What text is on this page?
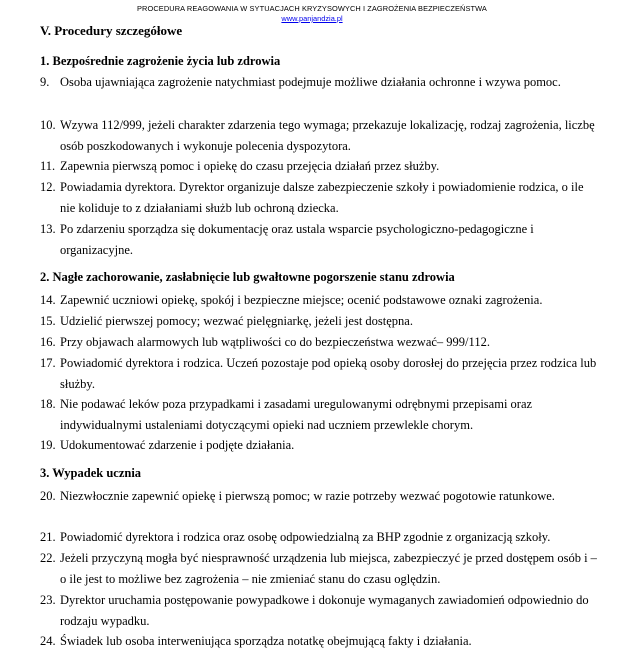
PROCEDURA REAGOWANIA W SYTUACJACH KRYZYSOWYCH I ZAGROŻENIA BEZPIECZEŃSTWA
www.panjandzia.pl
V. Procedury szczegółowe
1. Bezpośrednie zagrożenie życia lub zdrowia
9. Osoba ujawniająca zagrożenie natychmiast podejmuje możliwe działania ochronne i wzywa pomoc.
10. Wzywa 112/999, jeżeli charakter zdarzenia tego wymaga; przekazuje lokalizację, rodzaj zagrożenia, liczbę osób poszkodowanych i wykonuje polecenia dyspozytora.
11. Zapewnia pierwszą pomoc i opiekę do czasu przejęcia działań przez służby.
12. Powiadamia dyrektora. Dyrektor organizuje dalsze zabezpieczenie szkoły i powiadomienie rodzica, o ile nie koliduje to z działaniami służb lub ochroną dziecka.
13. Po zdarzeniu sporządza się dokumentację oraz ustala wsparcie psychologiczno-pedagogiczne i organizacyjne.
2. Nagłe zachorowanie, zasłabnięcie lub gwałtowne pogorszenie stanu zdrowia
14. Zapewnić uczniowi opiekę, spokój i bezpieczne miejsce; ocenić podstawowe oznaki zagrożenia.
15. Udzielić pierwszej pomocy; wezwać pielęgniarkę, jeżeli jest dostępna.
16. Przy objawach alarmowych lub wątpliwości co do bezpieczeństwa wezwać– 999/112.
17. Powiadomić dyrektora i rodzica. Uczeń pozostaje pod opieką osoby dorosłej do przejęcia przez rodzica lub służby.
18. Nie podawać leków poza przypadkami i zasadami uregulowanymi odrębnymi przepisami oraz indywidualnymi ustaleniami dotyczącymi opieki nad uczniem przewlekle chorym.
19. Udokumentować zdarzenie i podjęte działania.
3. Wypadek ucznia
20. Niezwłocznie zapewnić opiekę i pierwszą pomoc; w razie potrzeby wezwać pogotowie ratunkowe.
21. Powiadomić dyrektora i rodzica oraz osobę odpowiedzialną za BHP zgodnie z organizacją szkoły.
22. Jeżeli przyczyną mogła być niesprawność urządzenia lub miejsca, zabezpieczyć je przed dostępem osób i – o ile jest to możliwe bez zagrożenia – nie zmieniać stanu do czasu oględzin.
23. Dyrektor uruchamia postępowanie powypadkowe i dokonuje wymaganych zawiadomień odpowiednio do rodzaju wypadku.
24. Świadek lub osoba interweniująca sporządza notatkę obejmującą fakty i działania.
